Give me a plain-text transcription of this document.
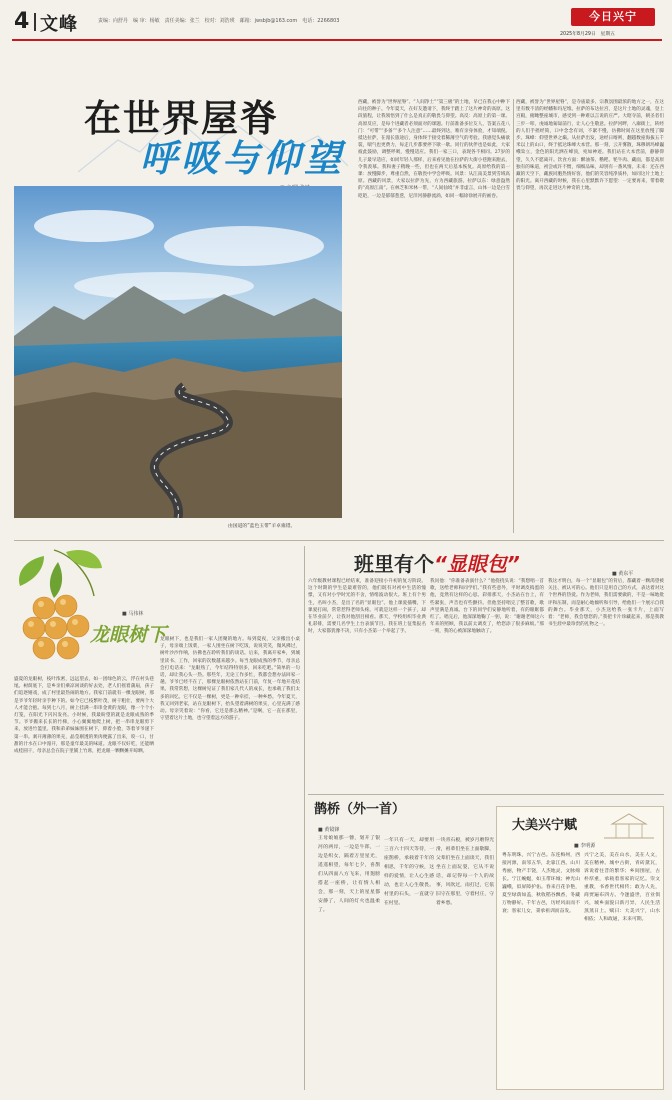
4 文峰	责编：向舒丹　编 审：杨敏　责任美编：张兰　校对：刘浩瑛　邮箱：jwsbjb@163.com　电话：2266803	今日兴宁
2025年8月29日　星期五
在世界屋脊
呼吸与仰望
由国道的“蓝色玉带”羊卓雍错。
西藏，被誉为“世界屋脊”、“人间净土”“第三极”的土地，早已在我心中种下向往的种子。今年夏天，在好友邀请下，我终于踏上了这片神奇的高原。这段旅程，让我领悟到了什么是真正的敬畏与仰望。高反：高原上的第一课。高原反应，是每个进藏者必须面对的课题。行前准备多位友人，答案五花八门：“可带”“多备”“多个人注意”……最终到达，唯有亲身体验，才知端倪。抵达拉萨，在漫长旅途后，身体终于接受着稀薄空气的考验。我感觉头痛欲裂，喘气也更费力，每走几步都要停下歇一歇。同行的伙伴也是如此，大家彼此鼓励，调整呼吸，慢慢适应。我们一家三口，表现各不相同。27岁的儿子最早适应，如同年轻人那样，后来看见他在拉萨的大街小巷跑来跑去，令我羡慕。我和妻子稍晚一些，但也在两天后基本恢复。高原给我的第一课：放慢脚步，尊重自然，在敬畏中学会呼吸。风景：从江南美景到雪域高原。西藏的风景，大家以拉萨为先，方为西藏旅游。拉萨以东：绿意盎然的“高原江南”。在林芝和米林一带，“人间仙境”并非虚言，山体一边是白雪皑皑，一边是郁郁葱葱，尼洋河静静流淌，如同一幅徐徐展开的画卷。
西藏，被誉为“世界屋脊”，是寺庙最多、宗教氛围最浓的地方之一，在这里有数不清的经幡和玛尼堆。拉萨的布达拉宫，是这片土地的灵魂，登上宫殿，俯瞰整座城市，感受到一种难以言说的庄严。大昭寺前，朝圣者们三步一叩，虔诚地匍匐前行，让人心生敬意。拉萨河畔，八廓街上，转经的人们手摇经筒，口中念念有词，不紧不慢，仿佛时间在这里放慢了脚步。珠峰：仰望世界之巅。从拉萨出发，途经日喀则，翻越数座海拔五千米以上的山口，终于抵达珠峰大本营。那一刻，云开雾散，珠穆朗玛峰巍峨耸立，金色的阳光洒在峰顶，宛如神迹。我们站在大本营前，静静仰望，久久不愿离开。饮食方面：酥油茶、糌粑、牦牛肉、藏面，都是高原独有的味道，初尝或许不惯，细细品味，却别有一番风情。未来：还在西藏的天空下，藏族同胞热情好客，他们的笑容纯净质朴，如同这片土地上的阳光。离开西藏的时候，我在心里默默许下愿望：一定要再来，带着敬畏与仰望，再次走进这片神奇的土地。
■ 马伟林
龙眼树下
盛夏的龙眼树，枝叶浓密，远远望去，如一团绿色的云，浮在村头巷尾。树荫底下，是乡亲们乘凉闲谈的好去处，老人们摇着蒲扇，孩子们追逐嬉戏，成了村里最热闹的地方。我家门前就有一棵龙眼树，那是爷爷年轻时亲手种下的。如今它已枝繁叶茂，树干粗壮，要两个大人才能合抱。每到七八月，树上挂满一串串金黄的龙眼，像一个个小灯笼，在阳光下闪闪发亮。小时候，我最盼望的就是龙眼成熟的季节。爷爷搬来长长的竹梯，小心翼翼地爬上树，把一串串龙眼剪下来，放进竹篮里。我和弟弟妹妹围在树下，仰着小脸，等着爷爷递下第一串。剥开薄薄的果壳，晶莹剔透的果肉便露了出来，咬一口，甘甜的汁水在口中漫开，那是童年最美的味道。龙眼不仅好吃，还能晒成桂圆干，母亲总会在院子里铺上竹席，把龙眼一颗颗摊开晾晒。
龙眼树下，也是我们一家人团聚的地方。每到夏夜，父亲搬出小桌子，母亲端上饭菜，一家人围坐在树下吃饭，说说笑笑，微风拂过，树叶沙沙作响，仿佛也在聆听我们的谈话。后来，我离开家乡，到城里读书、工作，回家的次数越来越少。每当龙眼成熟的季节，母亲总会打电话来：“龙眼熟了，今年结得特别多，回来吃吧。”简单的一句话，却让我心头一热。那些年，无论工作多忙，我都会想办法回家一趟。爷爷已经不在了，那棵龙眼树依然站在门前，年复一年地开花结果。我常常想，这棵树见证了我们家几代人的成长，也承载了我们太多的回忆。它不仅是一棵树，更是一种牵挂，一种乡愁。今年夏天，我又回到老家，站在龙眼树下，抬头望着满树的果实，心里充满了感动。母亲笑着说：“你看，它还是那么精神。”是啊，它一直在那里，守望着这片土地，也守望着远方的游子。
班里有个“显眼包”	■ 黄东平
六年级教材课程已经结束，准备迎接小升初的复习阶段。这个时期的学生是最难管的，他们既有对初中生活的憧憬，又有对小学时光的不舍，情绪波动很大。班上有个男生，名叫小杰，是出了名的“显眼包”。他上课爱插嘴，下课爱打闹，常常惹得老师头疼。可就是这样一个孩子，却在毕业前夕，让我对他刮目相看。那天，学校组织毕业典礼彩排，需要几名学生上台表演节目。我在班上征集报名时，大家都犹豫不决，只有小杰第一个举起了手。
我问他：“你准备表演什么？”他挠挠头说：“我想唱一首歌，送给老师和同学们。”我有些意外，平时调皮捣蛋的他，竟然有这样的心思。彩排那天，小杰站在台上，有些紧张，声音也有些颤抖。但他坚持唱完了整首歌，歌声里满是真诚。台下的同学们安静地听着，有的眼眶都红了。唱完后，他深深地鞠了一躬，说：“谢谢老师这六年来的照顾，我以前太调皮了，给您添了很多麻烦。”那一刻，我的心被深深地触动了。
我这才明白，每一个“显眼包”的背后，都藏着一颗渴望被关注、被认可的心。他们只是用自己的方式，表达着对这个世界的热爱。作为老师，我们需要做的，不是一味地批评和压制，而是耐心地倾听和引导，给他们一个展示自我的舞台。毕业那天，小杰送给我一张卡片，上面写着：“老师，我会想您的。”我把卡片珍藏起来，那是我教书生涯中最珍贵的礼物之一。
鹊桥（外一首）
■ 黄镜锋
王母娘娘那一簪，划开了银河的两岸，一边是牛郎，一边是织女，隔着万里星光，遥遥相望，每年七夕，喜鹊们从四面八方飞来，用翅膀搭起一座桥，让有情人相会，那一刻，天上的星星都安静了，人间的灯火也温柔了。
一年只有一天，却要用三百六十四天等待，一座鹊桥，承载着千年的相思，千年的守候，这样的爱情，让人心生感动，也让人心生敬畏。村里的石头，一直就守在村里。
一块青石板，被岁月磨得光滑，祖辈们坐在上面歇脚，父辈们坐在上面谈天，我们坐在上面玩耍，它从不说话，却记得每一个人的故事，风吹过，雨打过，它依旧守在那里，守着村庄，守着乡愁。
大美兴宁赋
■ 李明源
粤东明珠，兴宁古邑。东连梅州，西接河源，南邻五华，北靠江西。山川秀丽，物产丰饶，人杰地灵，文脉绵长。宁江蜿蜒，如玉带环城；神光山巍峨，似屏障护佑。春来百花争艳，夏至绿荫如盖，秋收稻谷飘香，冬藏万物静好。千年古邑，历经风雨而不衰；客家儿女，秉承祖训而奋发。
兴宁之美，美在山水，美在人文，美在精神。城中古街，青砖黛瓦，诉说着往昔的繁华；乡间围屋，古朴厚重，承载着客家的记忆。崇文重教，书香世代相传；敢为人先，商贾遍布四方。今逢盛世，百业俱兴，城乡面貌日新月异，人民生活蒸蒸日上。赋曰：大美兴宁，山水相依；人和政通，未来可期。
